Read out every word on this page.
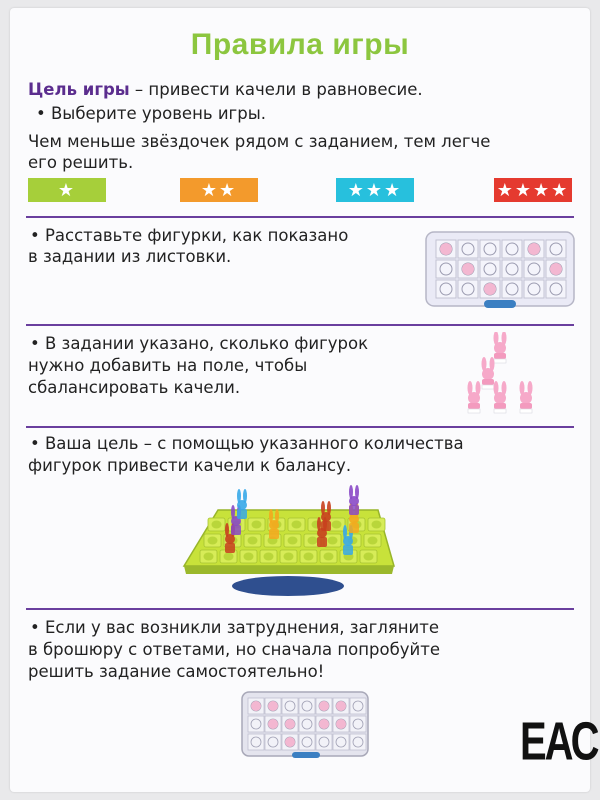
Правила игры
Цель игры – привести качели в равновесие.
• Выберите уровень игры.
Чем меньше звёздочек рядом с заданием, тем легче
его решить.
★	★★	★★★	★★★★
• Расставьте фигурки, как показано
в задании из листовки.
• В задании указано, сколько фигурок
нужно добавить на поле, чтобы
сбалансировать качели.
• Ваша цель – с помощью указанного количества
фигурок привести качели к балансу.
• Если у вас возникли затруднения, загляните
в брошюру с ответами, но сначала попробуйте
решить задание самостоятельно!
ЕАС
